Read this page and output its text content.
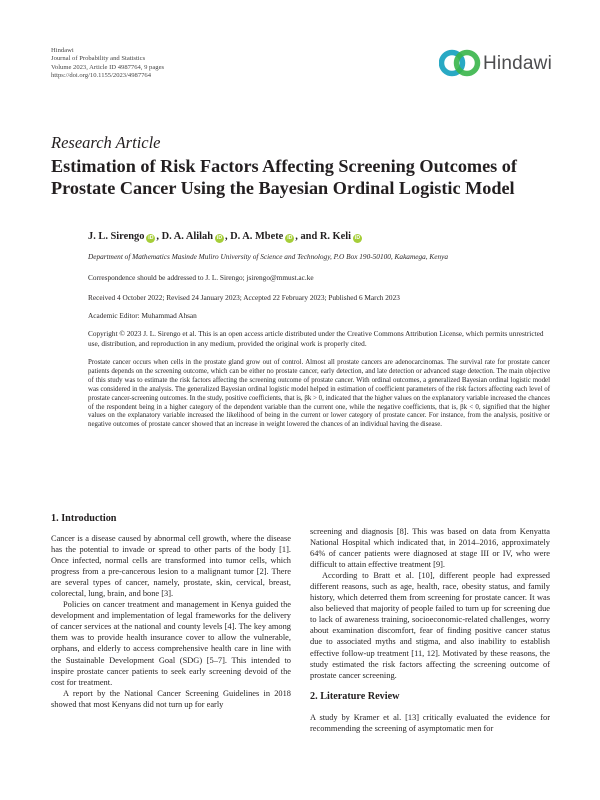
Hindawi
Journal of Probability and Statistics
Volume 2023, Article ID 4987764, 9 pages
https://doi.org/10.1155/2023/4987764
Hindawi
Research Article
Estimation of Risk Factors Affecting Screening Outcomes of Prostate Cancer Using the Bayesian Ordinal Logistic Model
J. L. Sirengo iD , D. A. Alilah iD , D. A. Mbete iD , and R. Keli iD
Department of Mathematics Masinde Muliro University of Science and Technology, P.O Box 190-50100, Kakamega, Kenya
Correspondence should be addressed to J. L. Sirengo; jsirengo@mmust.ac.ke
Received 4 October 2022; Revised 24 January 2023; Accepted 22 February 2023; Published 6 March 2023
Academic Editor: Muhammad Ahsan
Copyright © 2023 J. L. Sirengo et al. This is an open access article distributed under the Creative Commons Attribution License, which permits unrestricted use, distribution, and reproduction in any medium, provided the original work is properly cited.
Prostate cancer occurs when cells in the prostate gland grow out of control. Almost all prostate cancers are adenocarcinomas. The survival rate for prostate cancer patients depends on the screening outcome, which can be either no prostate cancer, early detection, and late detection or advanced stage detection. The main objective of this study was to estimate the risk factors affecting the screening outcome of prostate cancer. With ordinal outcomes, a generalized Bayesian ordinal logistic model was considered in the analysis. The generalized Bayesian ordinal logistic model helped in estimation of coefficient parameters of the risk factors affecting each level of prostate cancer-screening outcomes. In the study, positive coefficients, that is, βk > 0, indicated that the higher values on the explanatory variable increased the chances of the respondent being in a higher category of the dependent variable than the current one, while the negative coefficients, that is, βk < 0, signified that the higher values on the explanatory variable increased the likelihood of being in the current or lower category of prostate cancer. For instance, from the analysis, positive or negative outcomes of prostate cancer showed that an increase in weight lowered the chances of an individual having the disease.
1. Introduction

Cancer is a disease caused by abnormal cell growth, where the disease has the potential to invade or spread to other parts of the body [1]. Once infected, normal cells are transformed into tumor cells, which progress from a pre-cancerous lesion to a malignant tumor [2]. There are several types of cancer, namely, prostate, skin, cervical, breast, colorectal, lung, brain, and bone [3].

Policies on cancer treatment and management in Kenya guided the development and implementation of legal frameworks for the delivery of cancer services at the national and county levels [4]. The key among them was to provide health insurance cover to allow the vulnerable, orphans, and elderly to access comprehensive health care in line with the Sustainable Development Goal (SDG) [5–7]. This intended to inspire prostate cancer patients to seek early screening devoid of the cost for treatment.

A report by the National Cancer Screening Guidelines in 2018 showed that most Kenyans did not turn up for early

screening and diagnosis [8]. This was based on data from Kenyatta National Hospital which indicated that, in 2014–2016, approximately 64% of cancer patients were diagnosed at stage III or IV, who were difficult to attain effective treatment [9].

According to Bratt et al. [10], different people had expressed different reasons, such as age, health, race, obesity status, and family history, which deterred them from screening for prostate cancer. It was also believed that majority of people failed to turn up for screening due to lack of awareness training, socioeconomic-related challenges, worry about examination discomfort, fear of finding positive cancer status due to associated myths and stigma, and also inability to establish effective follow-up treatment [11, 12]. Motivated by these reasons, the study estimated the risk factors affecting the screening outcome of prostate cancer screening.

2. Literature Review

A study by Kramer et al. [13] critically evaluated the evidence for recommending the screening of asymptomatic men for
